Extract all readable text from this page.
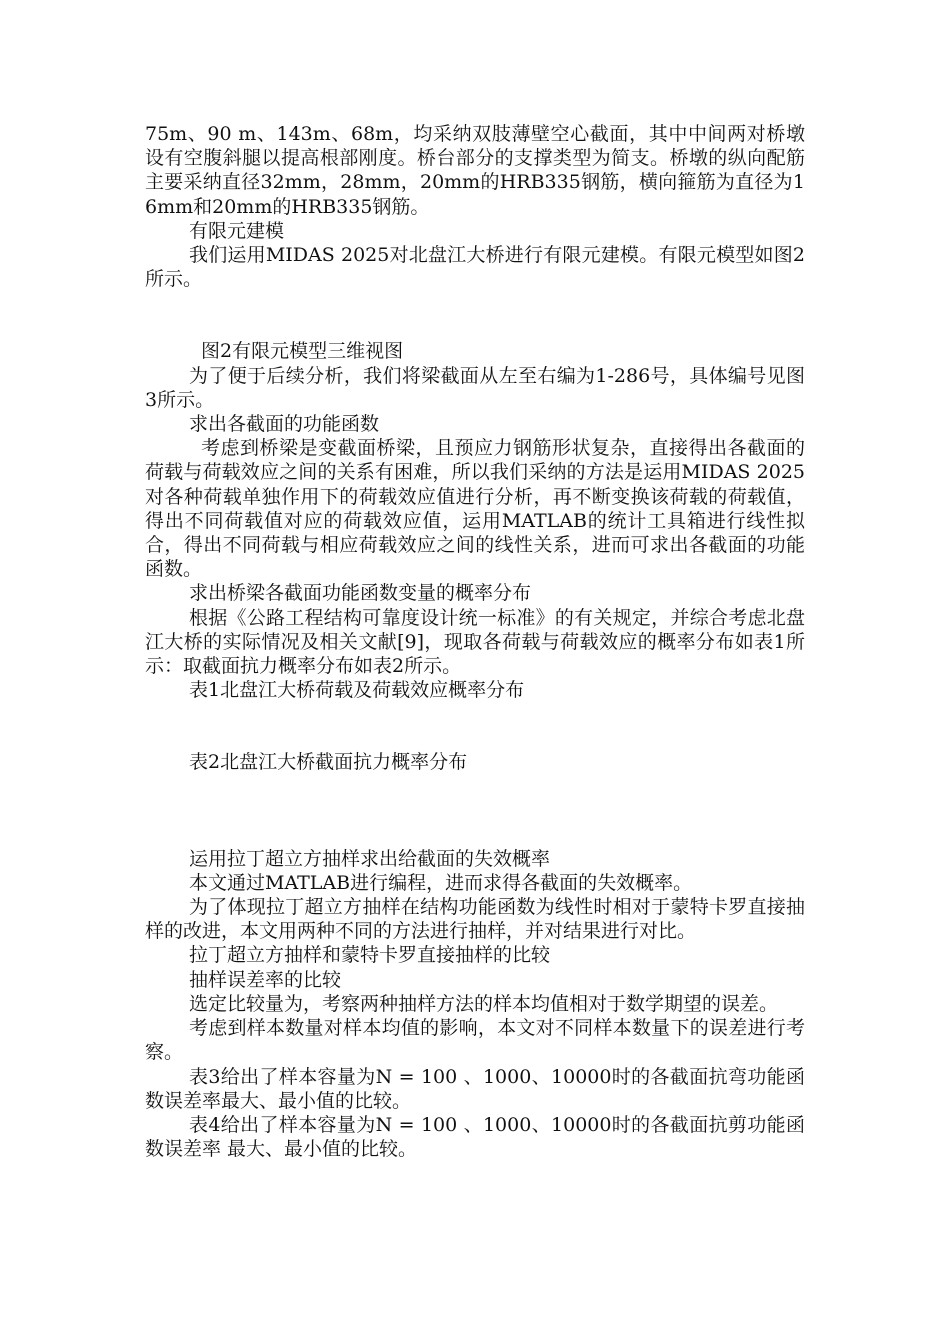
75m、90 m、143m、68m，均采纳双肢薄壁空心截面，其中中间两对桥墩设有空腹斜腿以提高根部刚度。桥台部分的支撑类型为简支。桥墩的纵向配筋主要采纳直径32mm，28mm，20mm的HRB335钢筋，横向箍筋为直径为16mm和20mm的HRB335钢筋。

有限元建模

我们运用MIDAS 2025对北盘江大桥进行有限元建模。有限元模型如图2所示。

图2有限元模型三维视图

为了便于后续分析，我们将梁截面从左至右编为1-286号，具体编号见图3所示。

求出各截面的功能函数

考虑到桥梁是变截面桥梁，且预应力钢筋形状复杂，直接得出各截面的荷载与荷载效应之间的关系有困难，所以我们采纳的方法是运用MIDAS 2025对各种荷载单独作用下的荷载效应值进行分析，再不断变换该荷载的荷载值，得出不同荷载值对应的荷载效应值，运用MATLAB的统计工具箱进行线性拟合，得出不同荷载与相应荷载效应之间的线性关系，进而可求出各截面的功能函数。

求出桥梁各截面功能函数变量的概率分布

根据《公路工程结构可靠度设计统一标准》的有关规定，并综合考虑北盘江大桥的实际情况及相关文献[9]，现取各荷载与荷载效应的概率分布如表1所示：取截面抗力概率分布如表2所示。

表1北盘江大桥荷载及荷载效应概率分布

表2北盘江大桥截面抗力概率分布

运用拉丁超立方抽样求出给截面的失效概率

本文通过MATLAB进行编程，进而求得各截面的失效概率。

为了体现拉丁超立方抽样在结构功能函数为线性时相对于蒙特卡罗直接抽样的改进，本文用两种不同的方法进行抽样，并对结果进行对比。

拉丁超立方抽样和蒙特卡罗直接抽样的比较

抽样误差率的比较

选定比较量为，考察两种抽样方法的样本均值相对于数学期望的误差。

考虑到样本数量对样本均值的影响，本文对不同样本数量下的误差进行考察。

表3给出了样本容量为N = 100 、1000、10000时的各截面抗弯功能函数误差率最大、最小值的比较。

表4给出了样本容量为N = 100 、1000、10000时的各截面抗剪功能函数误差率 最大、最小值的比较。
